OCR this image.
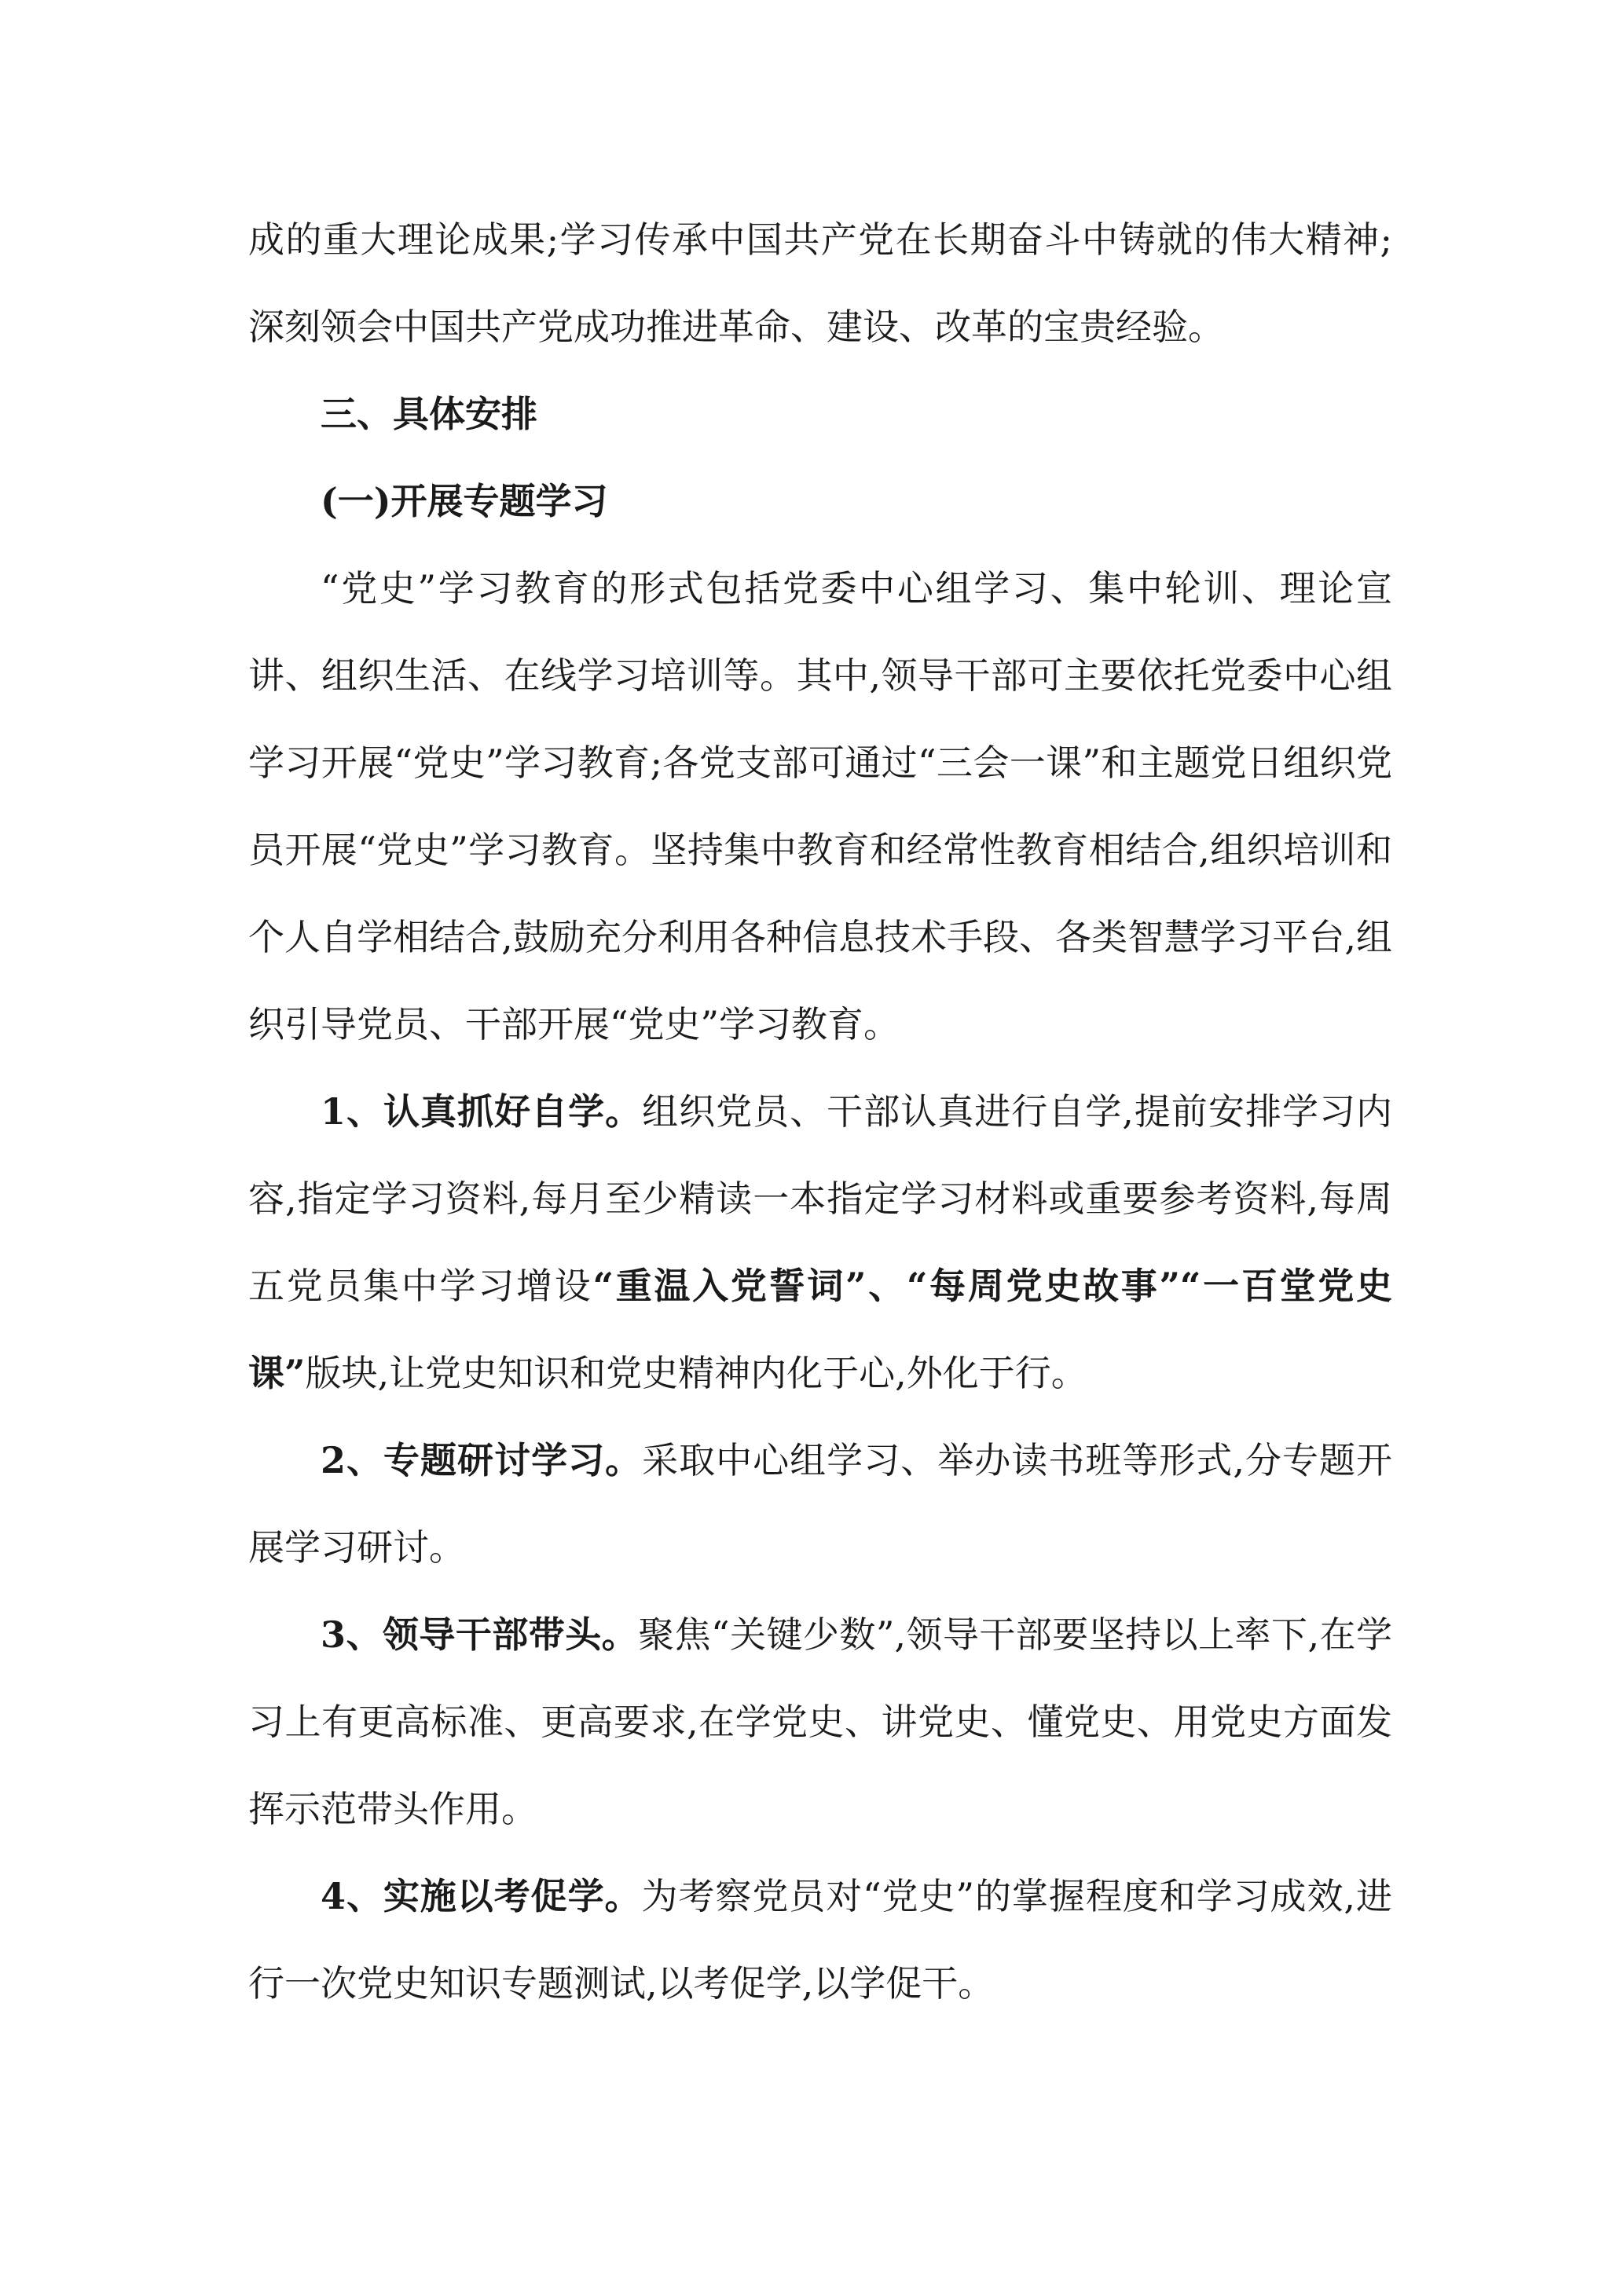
成的重大理论成果;学习传承中国共产党在长期奋斗中铸就的伟大精神;深刻领会中国共产党成功推进革命、建设、改革的宝贵经验。

三、具体安排

(一)开展专题学习

“党史”学习教育的形式包括党委中心组学习、集中轮训、理论宣讲、组织生活、在线学习培训等。其中,领导干部可主要依托党委中心组学习开展“党史”学习教育;各党支部可通过“三会一课”和主题党日组织党员开展“党史”学习教育。坚持集中教育和经常性教育相结合,组织培训和个人自学相结合,鼓励充分利用各种信息技术手段、各类智慧学习平台,组织引导党员、干部开展“党史”学习教育。

1、认真抓好自学。组织党员、干部认真进行自学,提前安排学习内容,指定学习资料,每月至少精读一本指定学习材料或重要参考资料,每周五党员集中学习增设“重温入党誓词”、“每周党史故事”“一百堂党史课”版块,让党史知识和党史精神内化于心,外化于行。

2、专题研讨学习。采取中心组学习、举办读书班等形式,分专题开展学习研讨。

3、领导干部带头。聚焦“关键少数”,领导干部要坚持以上率下,在学习上有更高标准、更高要求,在学党史、讲党史、懂党史、用党史方面发挥示范带头作用。

4、实施以考促学。为考察党员对“党史”的掌握程度和学习成效,进行一次党史知识专题测试,以考促学,以学促干。
